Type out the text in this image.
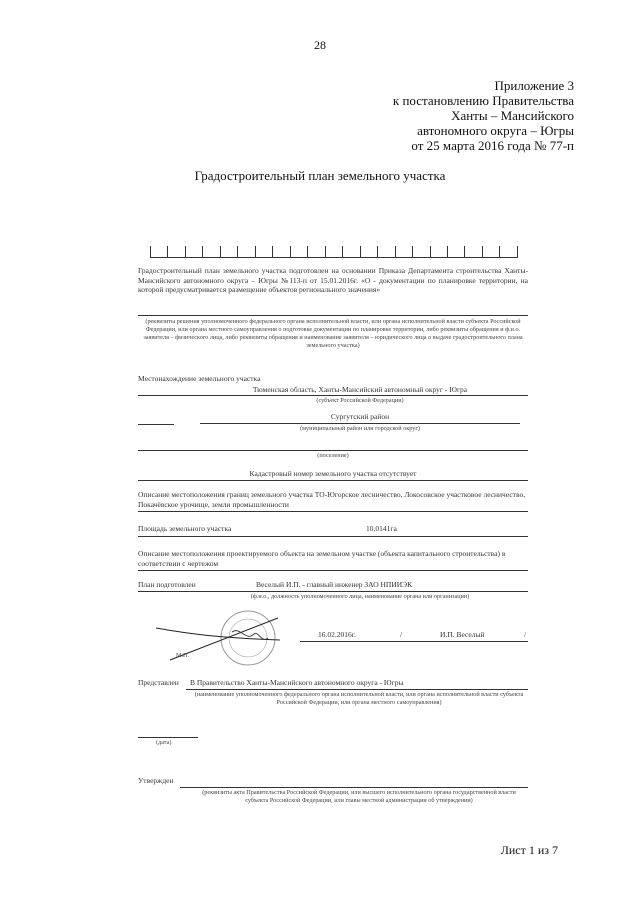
28
Приложение 3
к постановлению Правительства
Ханты – Мансийского
автономного округа – Югры
от 25 марта 2016 года № 77-п
Градостроительный план земельного участка
Градостроительный план земельного участка подготовлен на основании Приказа Департамента строительства Ханты-Мансийского автономного округа – Югры №113-п от 15.01.2016г. «О - документации по планировке территории, на которой предусматривается размещение объектов регионального значения»
(реквизиты решения уполномоченного федерального органа исполнительной власти, или органа исполнительной власти субъекта Российской Федерации, или органа местного самоуправления о подготовке документации по планировке территории, либо реквизиты обращения и ф.и.о. заявителя – физического лица, либо реквизиты обращения и наименование заявителя – юридического лица о выдаче градостроительного плана земельного участка)
Местонахождение земельного участка
Тюменская область, Ханты-Мансийский автономный округ - Югра
(субъект Российской Федерации)
Сургутский район
(муниципальный район или городской округ)
(поселение)
Кадастровый номер земельного участка отсутствует
Описание местоположения границ земельного участка ТО-Югорское лесничество, Локосовское участковое лесничество, Покачёвское урочище, земли промышленности
Площадь земельного участка	10,0141га
Описание местоположения проектируемого объекта на земельном участке (объекта капитального строительства) в соответствии с чертежом
План подготовлен	Веселый И.П. - главный инженер ЗАО НПИИЭК
(ф.и.о., должность уполномоченного лица, наименование органа или организации)
М.П.
16.02.2016г.	/	И.П. Веселый	/
Представлен	В Правительство Ханты-Мансийского автономного округа - Югры
(наименование уполномоченного федерального органа исполнительной власти, или органа исполнительной власти субъекта Российской Федерации, или органа местного самоуправления)
(дата)
Утвержден
(реквизиты акта Правительства Российской Федерации, или высшего исполнительного органа государственной власти субъекта Российской Федерации, или главы местной администрации об утверждении)
Лист 1 из 7
